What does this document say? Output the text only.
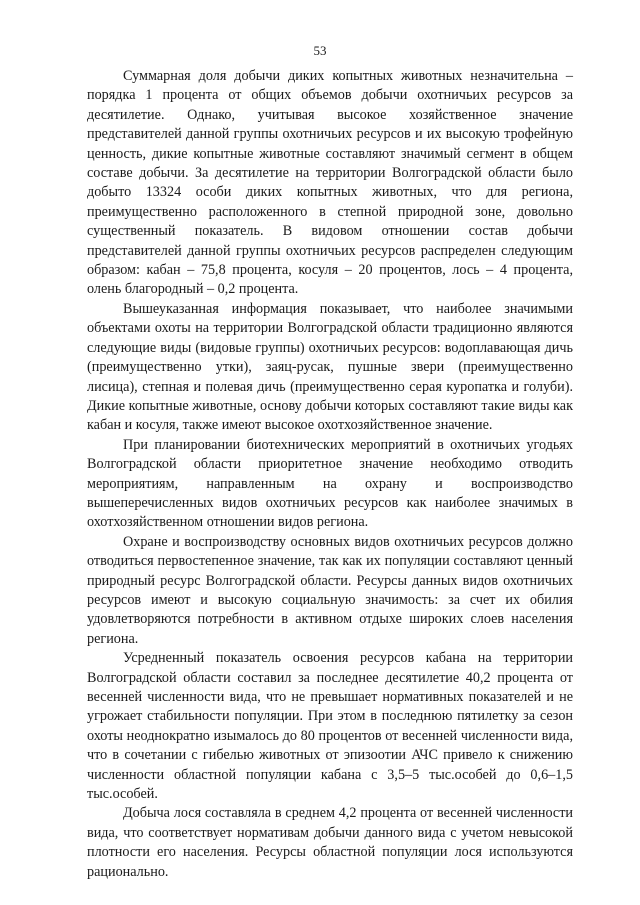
53

Суммарная доля добычи диких копытных животных незначительна – порядка 1 процента от общих объемов добычи охотничьих ресурсов за десятилетие. Однако, учитывая высокое хозяйственное значение представителей данной группы охотничьих ресурсов и их высокую трофейную ценность, дикие копытные животные составляют значимый сегмент в общем составе добычи. За десятилетие на территории Волгоградской области было добыто 13324 особи диких копытных животных, что для региона, преимущественно расположенного в степной природной зоне, довольно существенный показатель. В видовом отношении состав добычи представителей данной группы охотничьих ресурсов распределен следующим образом: кабан – 75,8 процента, косуля – 20 процентов, лось – 4 процента, олень благородный – 0,2 процента.

Вышеуказанная информация показывает, что наиболее значимыми объектами охоты на территории Волгоградской области традиционно являются следующие виды (видовые группы) охотничьих ресурсов: водоплавающая дичь (преимущественно утки), заяц-русак, пушные звери (преимущественно лисица), степная и полевая дичь (преимущественно серая куропатка и голуби). Дикие копытные животные, основу добычи которых составляют такие виды как кабан и косуля, также имеют высокое охотхозяйственное значение.

При планировании биотехнических мероприятий в охотничьих угодьях Волгоградской области приоритетное значение необходимо отводить мероприятиям, направленным на охрану и воспроизводство вышеперечисленных видов охотничьих ресурсов как наиболее значимых в охотхозяйственном отношении видов региона.

Охране и воспроизводству основных видов охотничьих ресурсов должно отводиться первостепенное значение, так как их популяции составляют ценный природный ресурс Волгоградской области. Ресурсы данных видов охотничьих ресурсов имеют и высокую социальную значимость: за счет их обилия удовлетворяются потребности в активном отдыхе широких слоев населения региона.

Усредненный показатель освоения ресурсов кабана на территории Волгоградской области составил за последнее десятилетие 40,2 процента от весенней численности вида, что не превышает нормативных показателей и не угрожает стабильности популяции. При этом в последнюю пятилетку за сезон охоты неоднократно изымалось до 80 процентов от весенней численности вида, что в сочетании с гибелью животных от эпизоотии АЧС привело к снижению численности областной популяции кабана с 3,5–5 тыс.особей до 0,6–1,5 тыс.особей.

Добыча лося составляла в среднем 4,2 процента от весенней численности вида, что соответствует нормативам добычи данного вида с учетом невысокой плотности его населения. Ресурсы областной популяции лося используются рационально.
